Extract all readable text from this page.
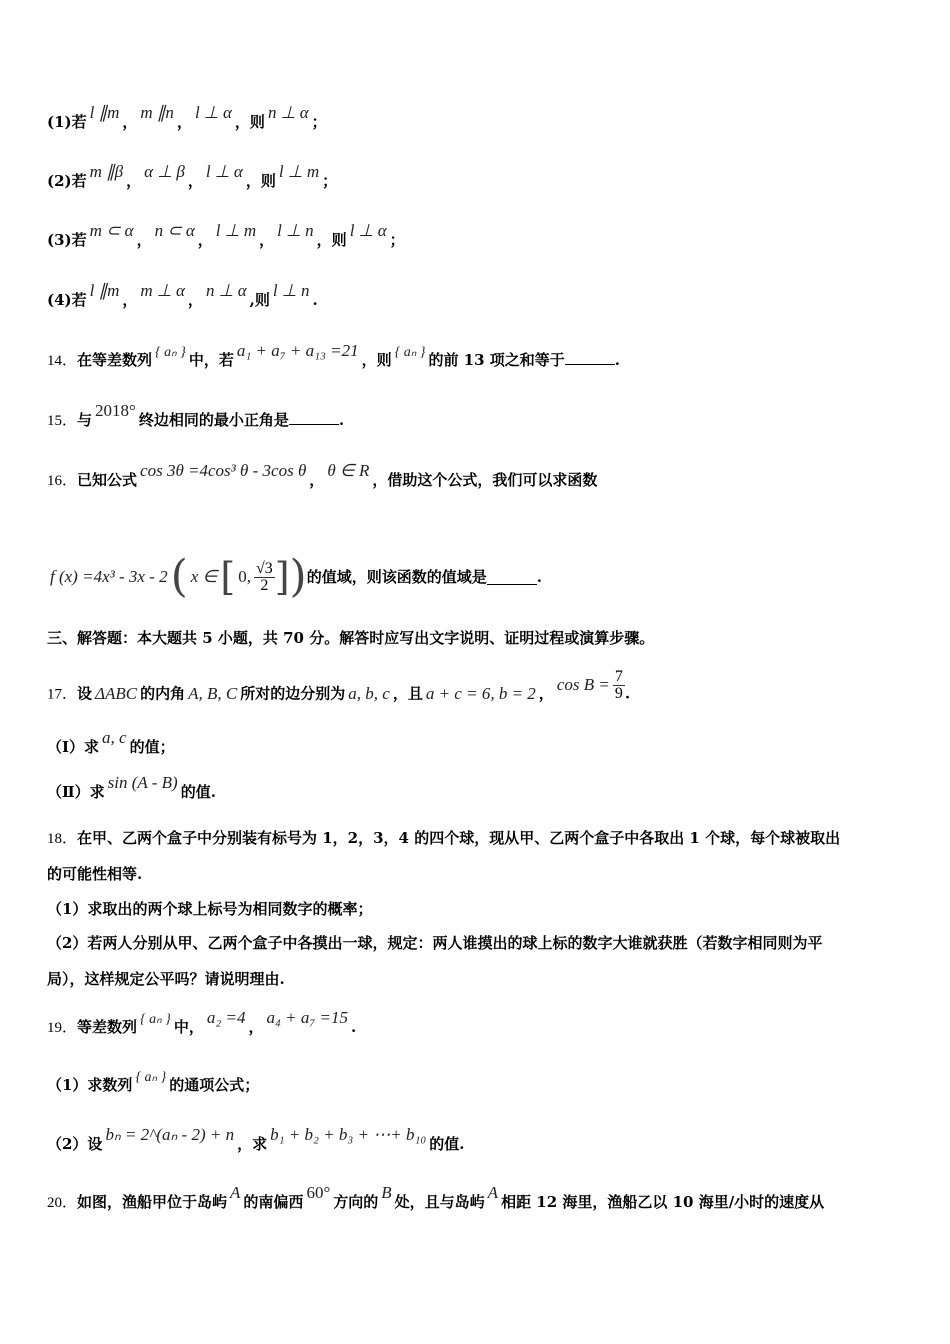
(1)若 l ∥m ， m ∥n ， l ⊥ α ，则 n ⊥ α ；
(2)若 m ∥β ， α ⊥ β ， l ⊥ α ，则 l ⊥ m ；
(3)若 m ⊂ α ， n ⊂ α ， l ⊥ m ， l ⊥ n ，则 l ⊥ α ；
(4)若 l ∥m ， m ⊥ α ， n ⊥ α ,则 l ⊥ n .
14．在等差数列 { aₙ } 中，若 a₁ + a₇ + a₁₃ =21 ，则 { aₙ } 的前 13 项之和等于	.
15．与 2018° 终边相同的最小正角是	.
16．已知公式 cos 3θ =4cos³ θ - 3cos θ ， θ ∈ R ，借助这个公式，我们可以求函数
f (x) =4x³ - 3x - 2( x ∈[ 0, $\frac{√3}{2}$ ])的值域，则该函数的值域是	.
三、解答题：本大题共 5 小题，共 70 分。解答时应写出文字说明、证明过程或演算步骤。
17．设 ΔABC 的内角 A, B, C 所对的边分别为 a, b, c ，且 a + c = 6, b = 2 ， $\cos B = \frac{7}{9}$ .
（Ⅰ）求 a, c 的值；
（Ⅱ）求 sin (A - B) 的值.
18．在甲、乙两个盒子中分别装有标号为 1，2，3，4 的四个球，现从甲、乙两个盒子中各取出 1 个球，每个球被取出
的可能性相等.
（1）求取出的两个球上标号为相同数字的概率；
（2）若两人分别从甲、乙两个盒子中各摸出一球，规定：两人谁摸出的球上标的数字大谁就获胜（若数字相同则为平
局），这样规定公平吗？请说明理由.
19．等差数列 { aₙ } 中， a₂ =4 ， a₄ + a₇ =15 .
（1）求数列 { aₙ } 的通项公式；
（2）设 bₙ = 2^(aₙ - 2) + n ，求 b₁ + b₂ + b₃ + ⋯+ b₁₀ 的值.
20．如图，渔船甲位于岛屿 A 的南偏西 60° 方向的 B 处，且与岛屿 A 相距 12 海里，渔船乙以 10 海里/小时的速度从
